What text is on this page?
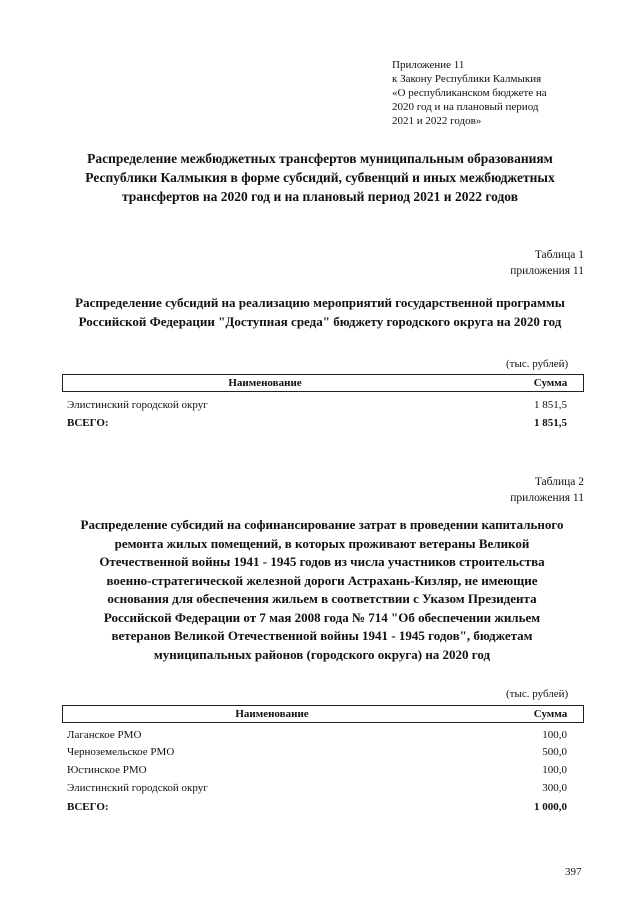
Приложение 11
к Закону Республики Калмыкия
«О республиканском бюджете на
2020 год и на плановый период
2021 и 2022 годов»
Распределение межбюджетных трансфертов муниципальным образованиям Республики Калмыкия в форме субсидий, субвенций и иных межбюджетных трансфертов на 2020 год и на плановый период 2021 и 2022 годов
Таблица 1
приложения 11
Распределение субсидий на реализацию мероприятий государственной программы Российской Федерации "Доступная среда" бюджету городского округа на 2020 год
(тыс. рублей)
Наименование	Сумма
Элистинский городской округ	1 851,5
ВСЕГО:	1 851,5
Таблица 2
приложения 11
Распределение субсидий на софинансирование затрат в проведении капитального ремонта жилых помещений, в которых проживают ветераны Великой Отечественной войны 1941 - 1945 годов из числа участников строительства военно-стратегической железной дороги Астрахань-Кизляр, не имеющие основания для обеспечения жильем в соответствии с Указом Президента Российской Федерации от 7 мая 2008 года № 714 "Об обеспечении жильем ветеранов Великой Отечественной войны 1941 - 1945 годов", бюджетам муниципальных районов (городского округа) на 2020 год
(тыс. рублей)
Наименование	Сумма
Лаганское РМО	100,0
Черноземельское РМО	500,0
Юстинское РМО	100,0
Элистинский городской округ	300,0
ВСЕГО:	1 000,0
397
